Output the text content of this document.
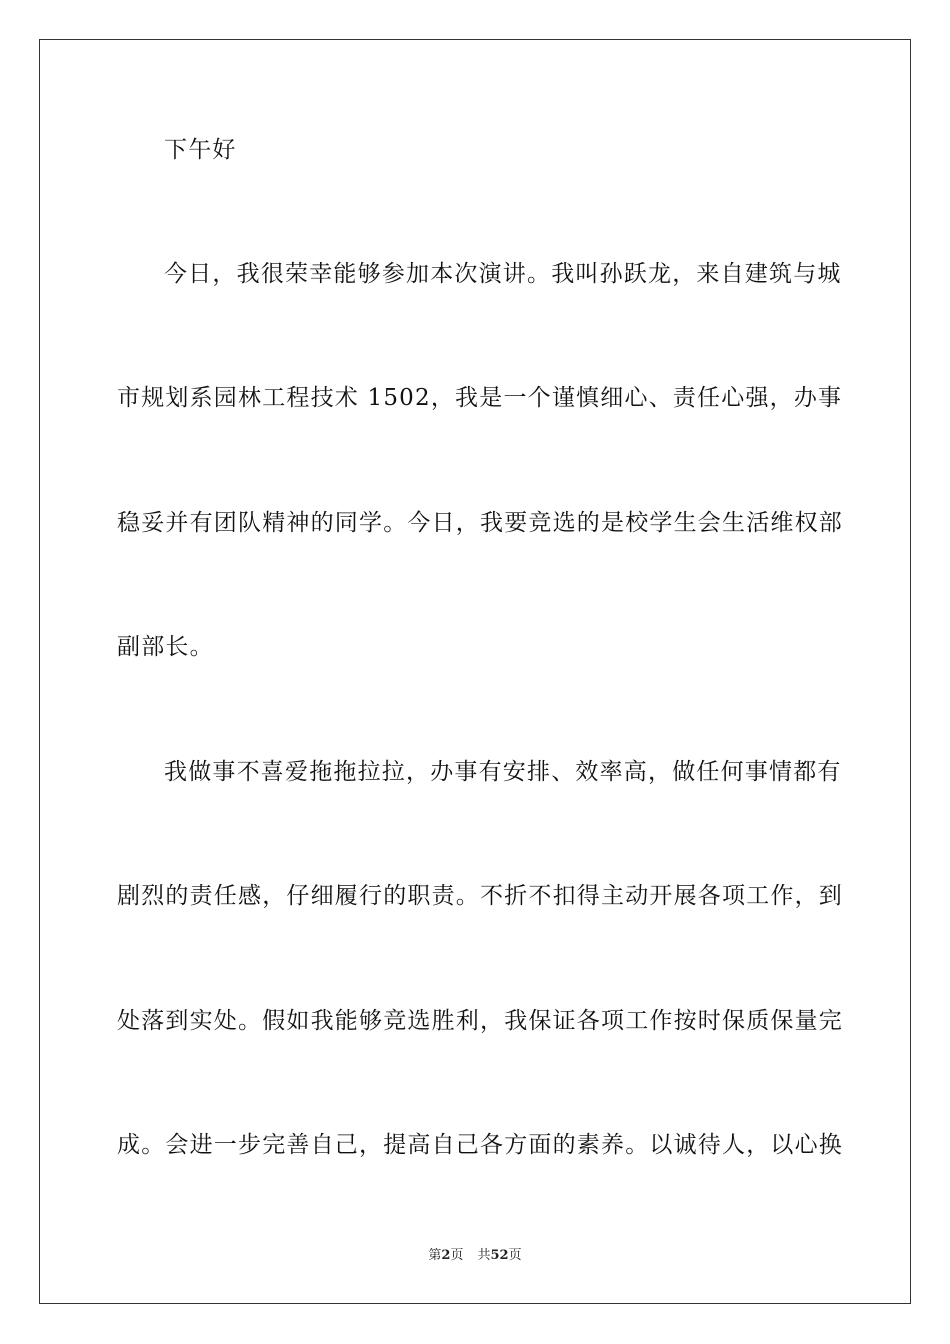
下午好
今日，我很荣幸能够参加本次演讲。我叫孙跃龙，来自建筑与城
市规划系园林工程技术 1502，我是一个谨慎细心、责任心强，办事
稳妥并有团队精神的同学。今日，我要竞选的是校学生会生活维权部
副部长。
我做事不喜爱拖拖拉拉，办事有安排、效率高，做任何事情都有
剧烈的责任感，仔细履行的职责。不折不扣得主动开展各项工作，到
处落到实处。假如我能够竞选胜利，我保证各项工作按时保质保量完
成。会进一步完善自己，提高自己各方面的素养。以诚待人，以心换
第2页 共52页
